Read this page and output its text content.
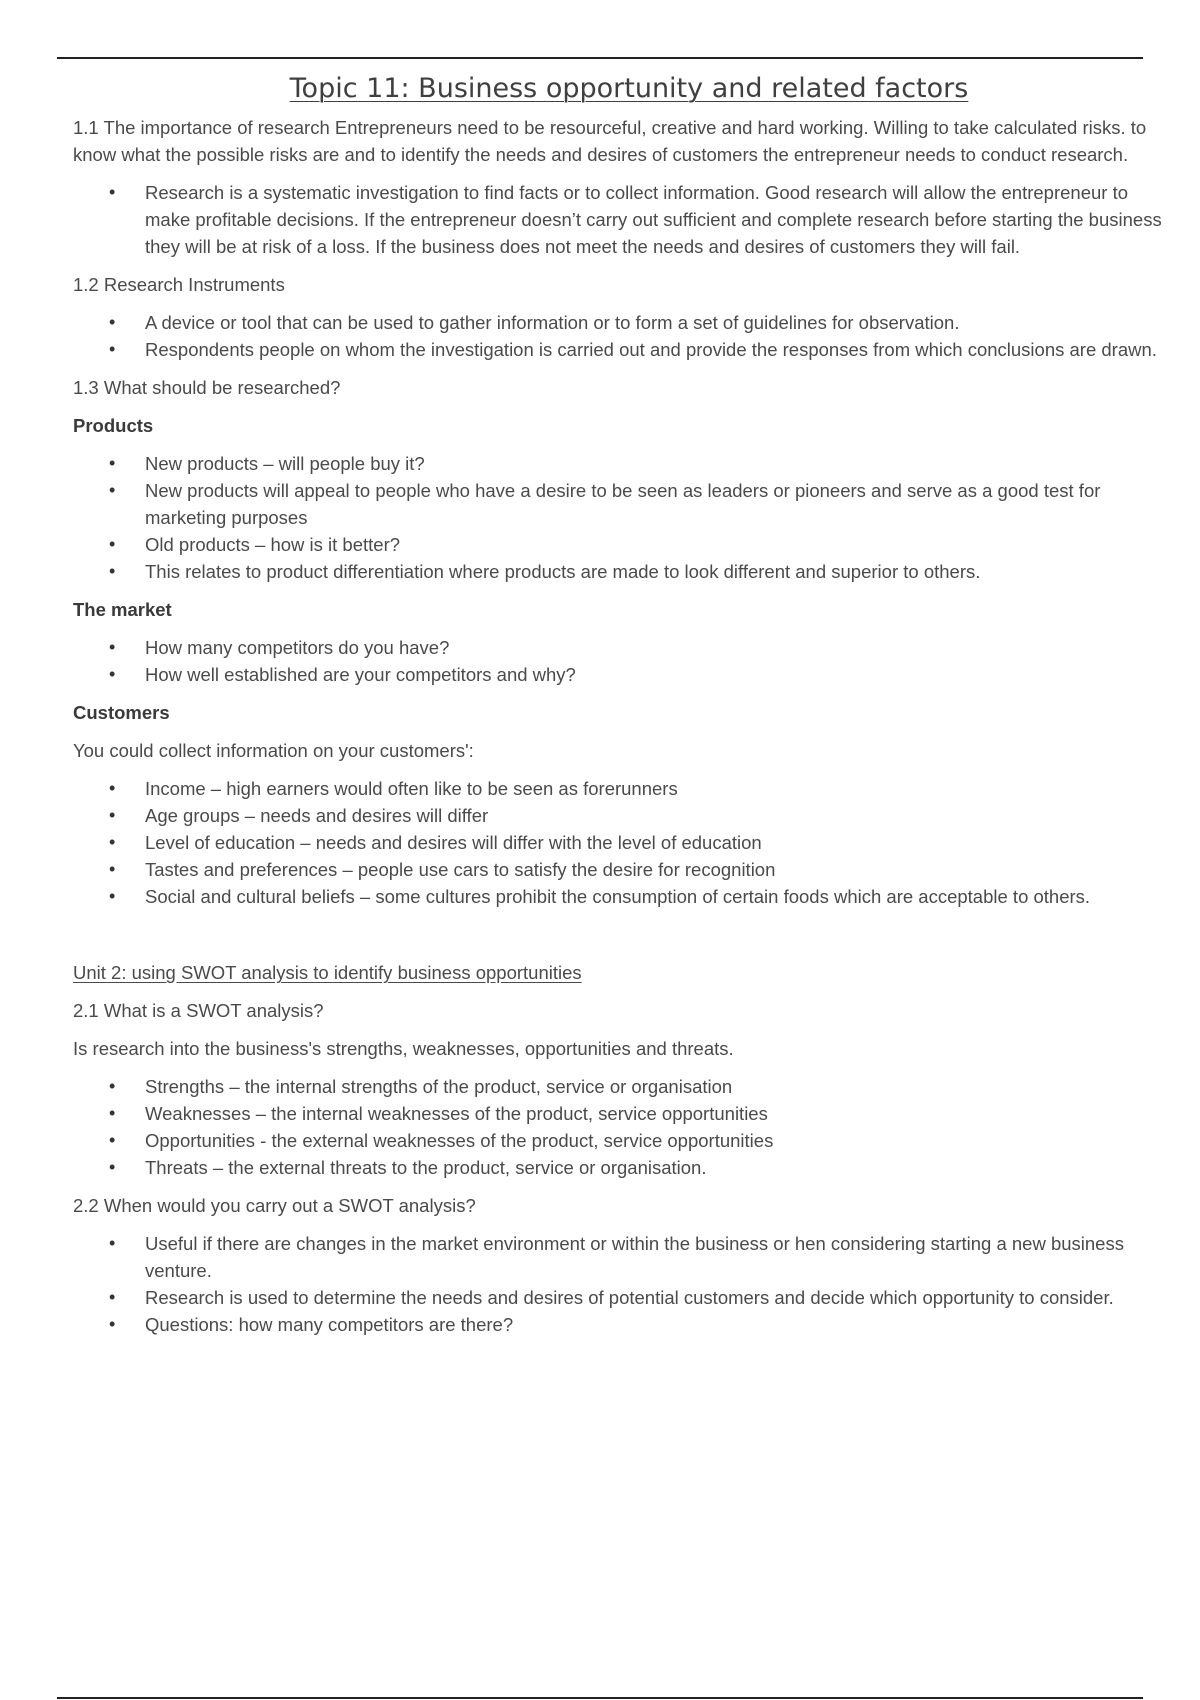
Topic 11: Business opportunity and related factors

1.1 The importance of research Entrepreneurs need to be resourceful, creative and hard working. Willing to take calculated risks. to know what the possible risks are and to identify the needs and desires of customers the entrepreneur needs to conduct research.

• Research is a systematic investigation to find facts or to collect information. Good research will allow the entrepreneur to make profitable decisions. If the entrepreneur doesn’t carry out sufficient and complete research before starting the business they will be at risk of a loss. If the business does not meet the needs and desires of customers they will fail.

1.2 Research Instruments

• A device or tool that can be used to gather information or to form a set of guidelines for observation.
• Respondents people on whom the investigation is carried out and provide the responses from which conclusions are drawn.

1.3 What should be researched?

Products

• New products – will people buy it?
• New products will appeal to people who have a desire to be seen as leaders or pioneers and serve as a good test for marketing purposes
• Old products – how is it better?
• This relates to product differentiation where products are made to look different and superior to others.

The market

• How many competitors do you have?
• How well established are your competitors and why?

Customers

You could collect information on your customers':

• Income – high earners would often like to be seen as forerunners
• Age groups – needs and desires will differ
• Level of education – needs and desires will differ with the level of education
• Tastes and preferences – people use cars to satisfy the desire for recognition
• Social and cultural beliefs – some cultures prohibit the consumption of certain foods which are acceptable to others.

Unit 2: using SWOT analysis to identify business opportunities

2.1 What is a SWOT analysis?

Is research into the business's strengths, weaknesses, opportunities and threats.

• Strengths – the internal strengths of the product, service or organisation
• Weaknesses – the internal weaknesses of the product, service opportunities
• Opportunities - the external weaknesses of the product, service opportunities
• Threats – the external threats to the product, service or organisation.

2.2 When would you carry out a SWOT analysis?

• Useful if there are changes in the market environment or within the business or hen considering starting a new business venture.
• Research is used to determine the needs and desires of potential customers and decide which opportunity to consider.
• Questions: how many competitors are there?
